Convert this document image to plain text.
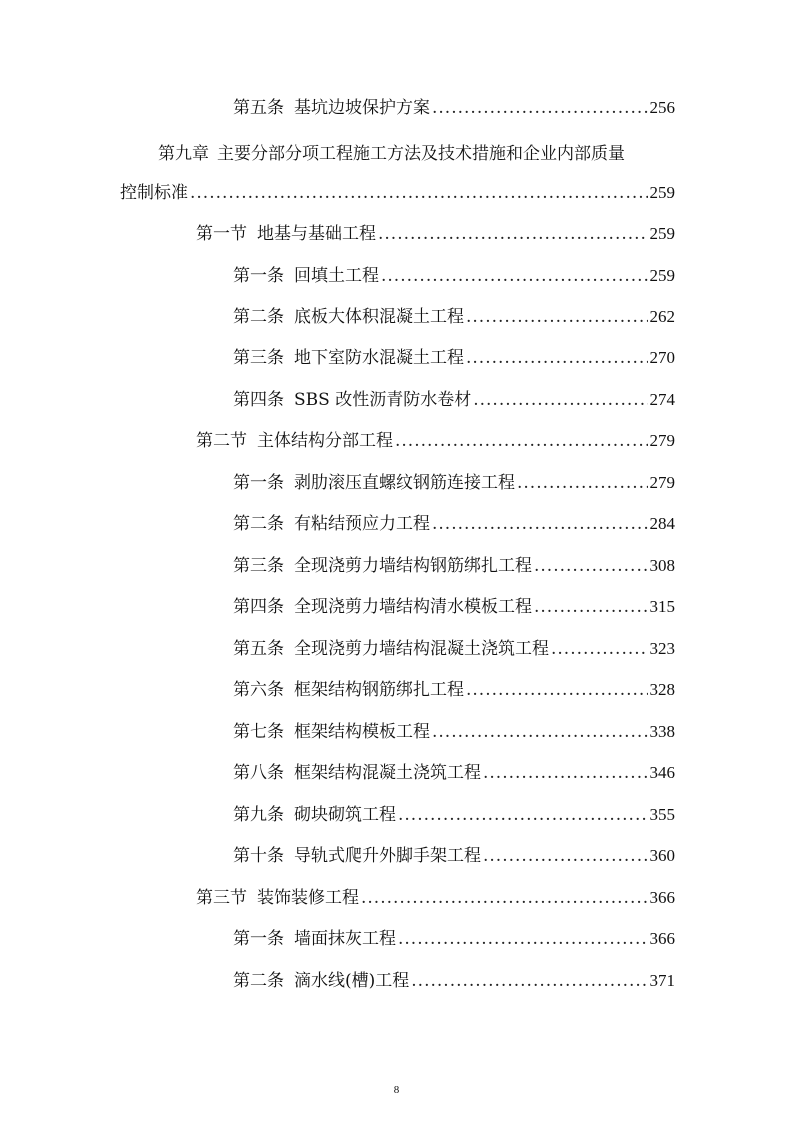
第五条 基坑边坡保护方案 .....	256
第九章 主要分部分项工程施工方法及技术措施和企业内部质量
控制标准 .....	259
第一节 地基与基础工程 .....	259
第一条 回填土工程 .....	259
第二条 底板大体积混凝土工程 .....	262
第三条 地下室防水混凝土工程 .....	270
第四条 SBS 改性沥青防水卷材 .....	274
第二节 主体结构分部工程 .....	279
第一条 剥肋滚压直螺纹钢筋连接工程 .....	279
第二条 有粘结预应力工程 .....	284
第三条 全现浇剪力墙结构钢筋绑扎工程 .....	308
第四条 全现浇剪力墙结构清水模板工程 .....	315
第五条 全现浇剪力墙结构混凝土浇筑工程 .....	323
第六条 框架结构钢筋绑扎工程 .....	328
第七条 框架结构模板工程 .....	338
第八条 框架结构混凝土浇筑工程 .....	346
第九条 砌块砌筑工程 .....	355
第十条 导轨式爬升外脚手架工程 .....	360
第三节 装饰装修工程 .....	366
第一条 墙面抹灰工程 .....	366
第二条 滴水线(槽)工程 .....	371
8
